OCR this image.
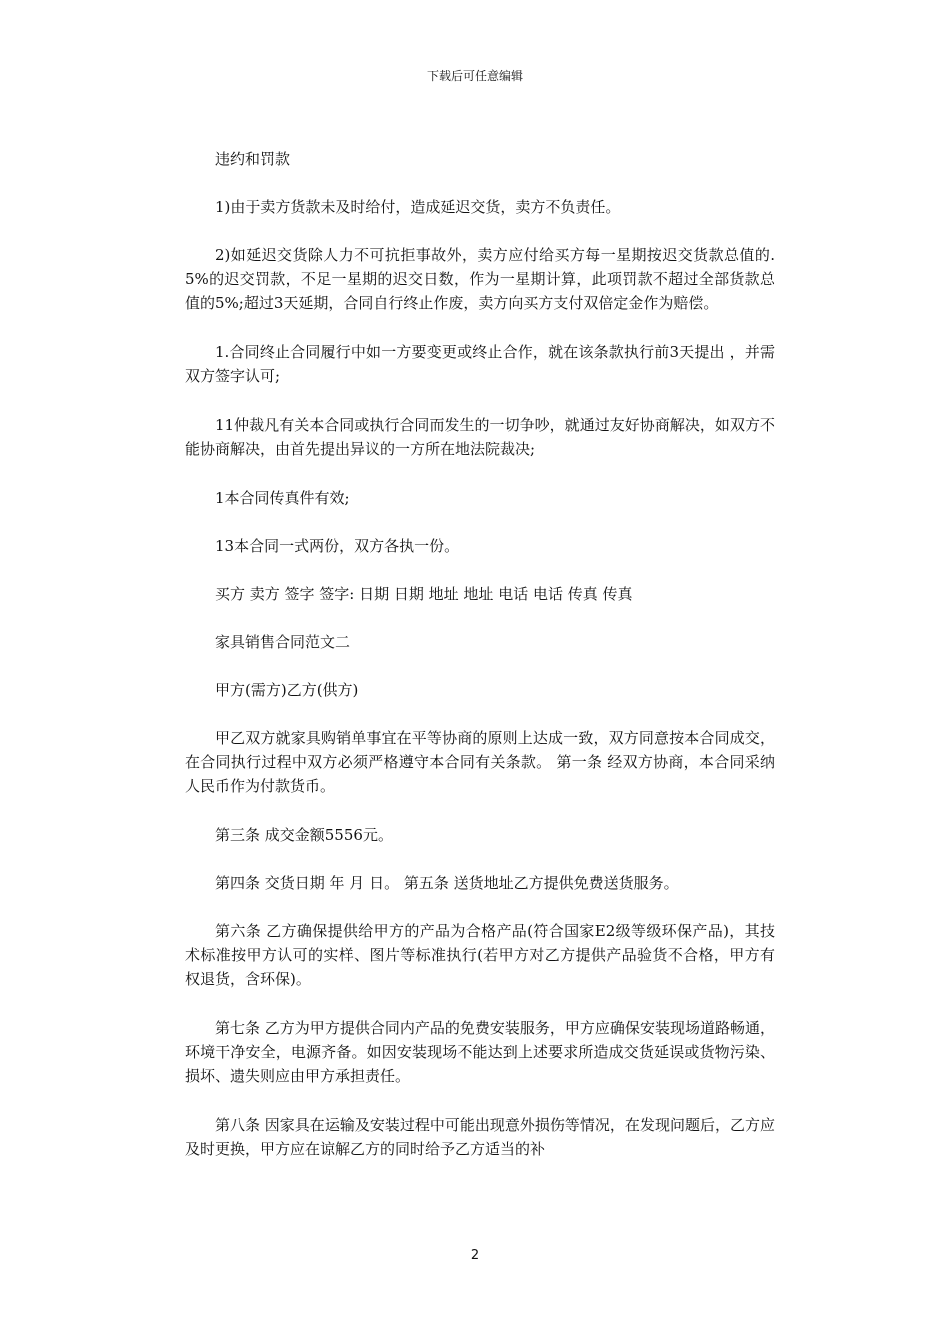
下载后可任意编辑

违约和罚款

1)由于卖方货款未及时给付，造成延迟交货，卖方不负责任。

2)如延迟交货除人力不可抗拒事故外，卖方应付给买方每一星期按迟交货款总值的.5%的迟交罚款，不足一星期的迟交日数，作为一星期计算，此项罚款不超过全部货款总值的5%;超过3天延期，合同自行终止作废，卖方向买方支付双倍定金作为赔偿。

1.合同终止合同履行中如一方要变更或终止合作，就在该条款执行前3天提出 ，并需双方签字认可;

11仲裁凡有关本合同或执行合同而发生的一切争吵，就通过友好协商解决，如双方不能协商解决，由首先提出异议的一方所在地法院裁决;

1本合同传真件有效;

13本合同一式两份，双方各执一份。

买方 卖方 签字 签字: 日期 日期 地址 地址 电话 电话 传真 传真

家具销售合同范文二

甲方(需方)乙方(供方)

甲乙双方就家具购销单事宜在平等协商的原则上达成一致，双方同意按本合同成交，在合同执行过程中双方必须严格遵守本合同有关条款。 第一条 经双方协商，本合同采纳人民币作为付款货币。

第三条 成交金额5556元。

第四条 交货日期 年 月 日。 第五条 送货地址乙方提供免费送货服务。

第六条 乙方确保提供给甲方的产品为合格产品(符合国家E2级等级环保产品)，其技术标准按甲方认可的实样、图片等标准执行(若甲方对乙方提供产品验货不合格，甲方有权退货，含环保)。

第七条 乙方为甲方提供合同内产品的免费安装服务，甲方应确保安装现场道路畅通，环境干净安全，电源齐备。如因安装现场不能达到上述要求所造成交货延误或货物污染、损坏、遗失则应由甲方承担责任。

第八条 因家具在运输及安装过程中可能出现意外损伤等情况，在发现问题后，乙方应及时更换，甲方应在谅解乙方的同时给予乙方适当的补

2
